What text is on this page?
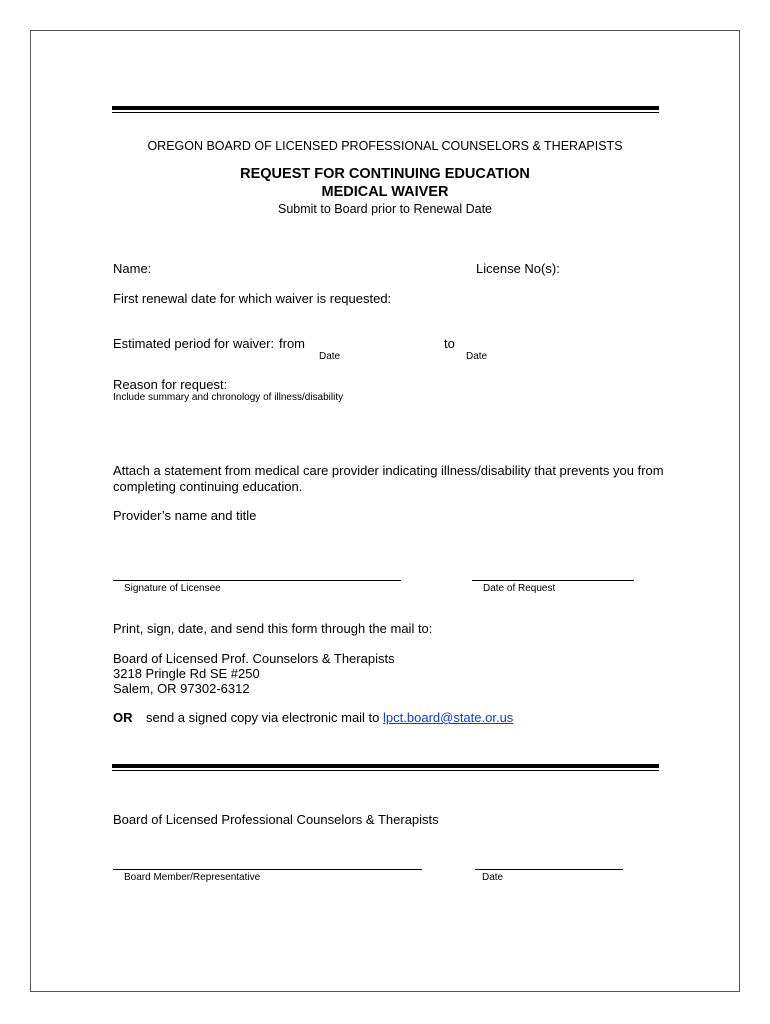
OREGON BOARD OF LICENSED PROFESSIONAL COUNSELORS & THERAPISTS
REQUEST FOR CONTINUING EDUCATION
MEDICAL WAIVER
Submit to Board prior to Renewal Date
Name:	License No(s):
First renewal date for which waiver is requested:
Estimated period for waiver: from	to
Date	Date
Reason for request:
Include summary and chronology of illness/disability
Attach a statement from medical care provider indicating illness/disability that prevents you from
completing continuing education.
Provider’s name and title
Signature of Licensee	Date of Request
Print, sign, date, and send this form through the mail to:
Board of Licensed Prof. Counselors & Therapists
3218 Pringle Rd SE #250
Salem, OR 97302-6312
OR send a signed copy via electronic mail to lpct.board@state.or.us
Board of Licensed Professional Counselors & Therapists
Board Member/Representative	Date
